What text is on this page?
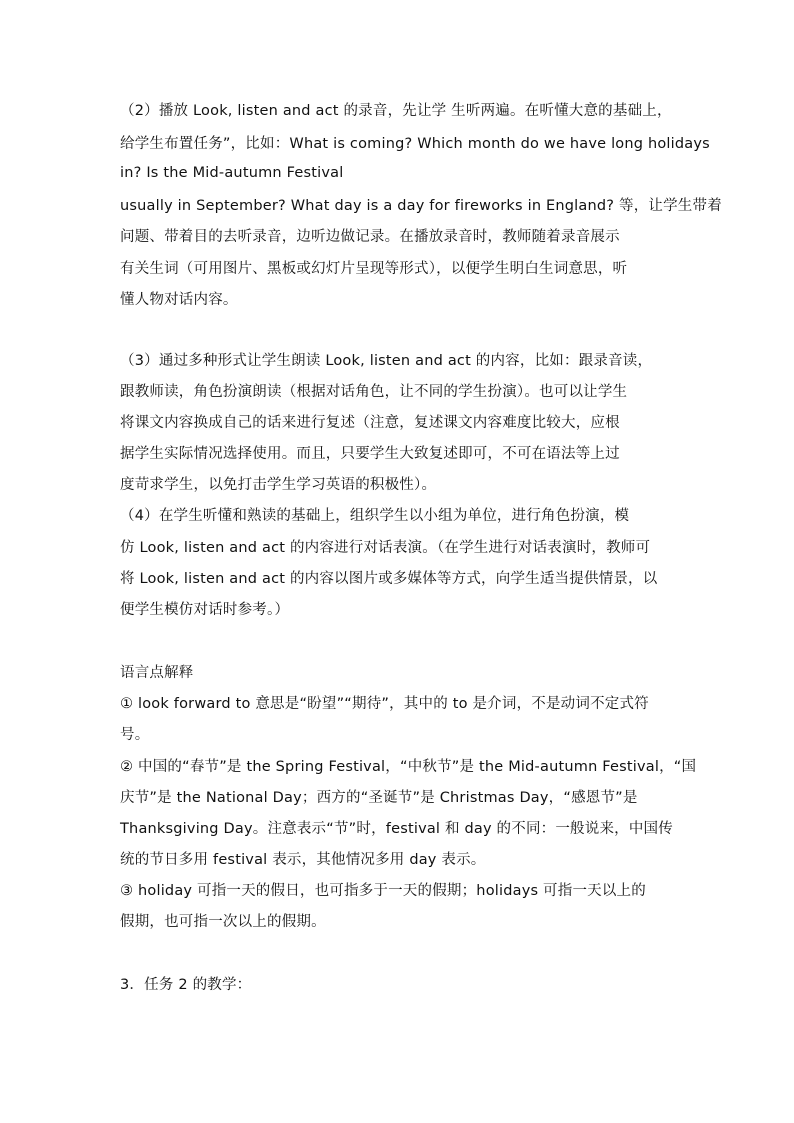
（2）播放 Look, listen and act 的录音，先让学 生听两遍。在听懂大意的基础上，
给学生布置任务”，比如：What is coming? Which month do we have long holidays
in? Is the Mid-autumn Festival
usually in September? What day is a day for fireworks in England? 等，让学生带着
问题、带着目的去听录音，边听边做记录。在播放录音时，教师随着录音展示
有关生词（可用图片、黑板或幻灯片呈现等形式），以便学生明白生词意思，听
懂人物对话内容。
（3）通过多种形式让学生朗读 Look, listen and act 的内容，比如：跟录音读，
跟教师读，角色扮演朗读（根据对话角色，让不同的学生扮演）。也可以让学生
将课文内容换成自己的话来进行复述（注意，复述课文内容难度比较大，应根
据学生实际情况选择使用。而且，只要学生大致复述即可，不可在语法等上过
度苛求学生，以免打击学生学习英语的积极性）。
（4）在学生听懂和熟读的基础上，组织学生以小组为单位，进行角色扮演，模
仿 Look, listen and act 的内容进行对话表演。（在学生进行对话表演时，教师可
将 Look, listen and act 的内容以图片或多媒体等方式，向学生适当提供情景，以
便学生模仿对话时参考。）
语言点解释
① look forward to 意思是“盼望”“期待”，其中的 to 是介词，不是动词不定式符
号。
② 中国的“春节”是 the Spring Festival，“中秋节”是 the Mid-autumn Festival，“国
庆节”是 the National Day；西方的“圣诞节”是 Christmas Day，“感恩节”是
Thanksgiving Day。注意表示“节”时，festival 和 day 的不同：一般说来，中国传
统的节日多用 festival 表示，其他情况多用 day 表示。
③ holiday 可指一天的假日，也可指多于一天的假期；holidays 可指一天以上的
假期，也可指一次以上的假期。
3．任务 2 的教学：
